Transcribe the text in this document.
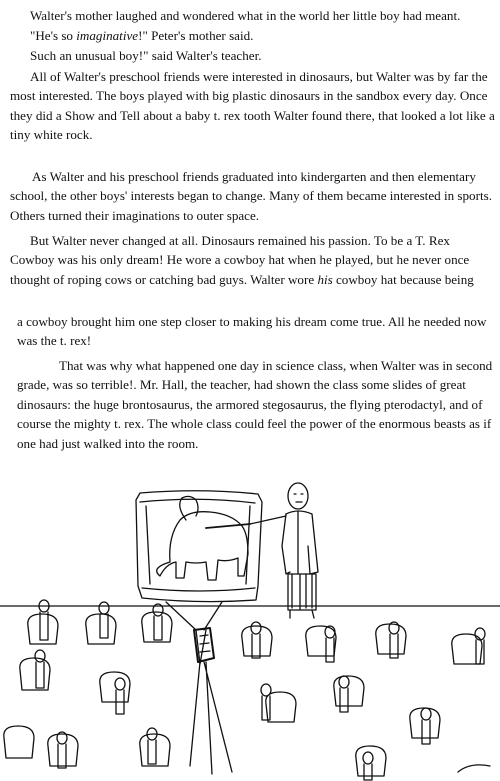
Walter's mother laughed and wondered what in the world her little boy had meant.

"He's so imaginative!" Peter's mother said.

Such an unusual boy!" said Walter's teacher.

All of Walter's preschool friends were interested in dinosaurs, but Walter was by far the most interested. The boys played with big plastic dinosaurs in the sandbox every day. Once they did a Show and Tell about a baby t. rex tooth Walter found there, that looked a lot like a tiny white rock.

As Walter and his preschool friends graduated into kindergarten and then elementary school, the other boys' interests began to change. Many of them became interested in sports. Others turned their imaginations to outer space.

But Walter never changed at all. Dinosaurs remained his passion. To be a T. Rex Cowboy was his only dream! He wore a cowboy hat when he played, but he never once thought of roping cows or catching bad guys. Walter wore his cowboy hat because being

a cowboy brought him one step closer to making his dream come true. All he needed now was the t. rex!

That was why what happened one day in science class, when Walter was in second grade, was so terrible!. Mr. Hall, the teacher, had shown the class some slides of great dinosaurs: the huge brontosaurus, the armored stegosaurus, the flying pterodactyl, and of course the mighty t. rex. The whole class could feel the power of the enormous beasts as if one had just walked into the room.
